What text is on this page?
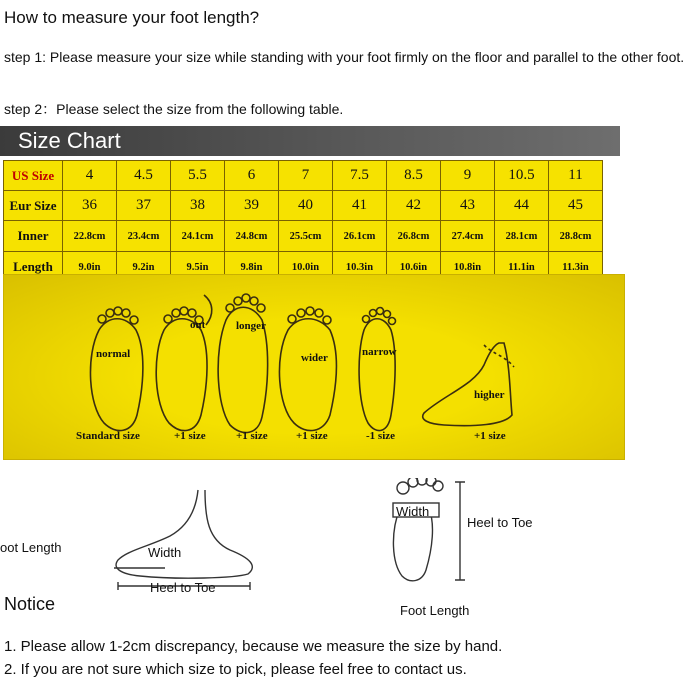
How to measure your foot length?
step 1: Please measure your size while standing with your foot firmly on the floor and parallel to the other foot.
step 2：Please select the size from the following table.
Size Chart
US Size	4	4.5	5.5	6	7	7.5	8.5	9	10.5	11
Eur Size	36	37	38	39	40	41	42	43	44	45
Inner	22.8cm	23.4cm	24.1cm	24.8cm	25.5cm	26.1cm	26.8cm	27.4cm	28.1cm	28.8cm
Length	9.0in	9.2in	9.5in	9.8in	10.0in	10.3in	10.6in	10.8in	11.1in	11.3in
normal
out	longer
wider	narrow
higher
Standard size	+1 size	+1 size	+1 size	-1 size	+1 size
oot Length	Width
Heel to Toe
Width
Heel to Toe
Foot Length
Notice
1. Please allow 1-2cm discrepancy, because we measure the size by hand.
2. If you are not sure which size to pick, please feel free to contact us.
